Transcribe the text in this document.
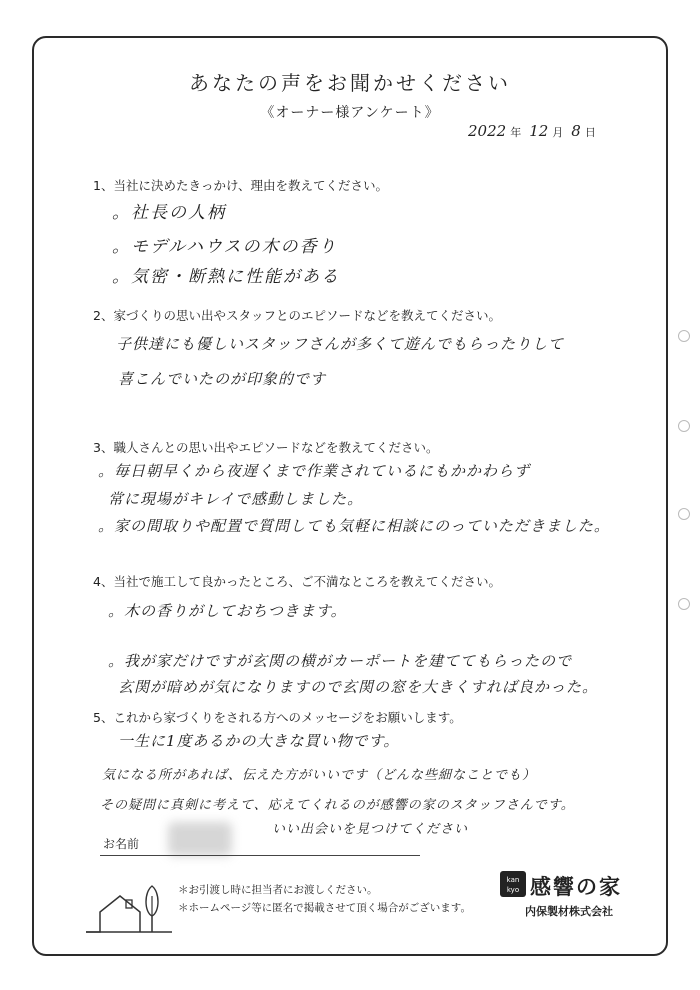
あなたの声をお聞かせください
《オーナー様アンケート》
2022 年 12 月 8 日
1、当社に決めたきっかけ、理由を教えてください。
。社長の人柄
。モデルハウスの木の香り
。気密・断熱に性能がある
2、家づくりの思い出やスタッフとのエピソードなどを教えてください。
子供達にも優しいスタッフさんが多くて遊んでもらったりして
喜こんでいたのが印象的です
3、職人さんとの思い出やエピソードなどを教えてください。
。毎日朝早くから夜遅くまで作業されているにもかかわらず
常に現場がキレイで感動しました。
。家の間取りや配置で質問しても気軽に相談にのっていただきました。
4、当社で施工して良かったところ、ご不満なところを教えてください。
。木の香りがしておちつきます。
。我が家だけですが玄関の横がカーポートを建ててもらったので
玄関が暗めが気になりますので玄関の窓を大きくすれば良かった。
5、これから家づくりをされる方へのメッセージをお願いします。
一生に1度あるかの大きな買い物です。
気になる所があれば、伝えた方がいいです（どんな些細なことでも）
その疑問に真剣に考えて、応えてくれるのが感響の家のスタッフさんです。
いい出会いを見つけてください
お名前
＊お引渡し時に担当者にお渡しください。
＊ホームページ等に匿名で掲載させて頂く場合がございます。
kan
kyo 感響の家
内保製材株式会社
